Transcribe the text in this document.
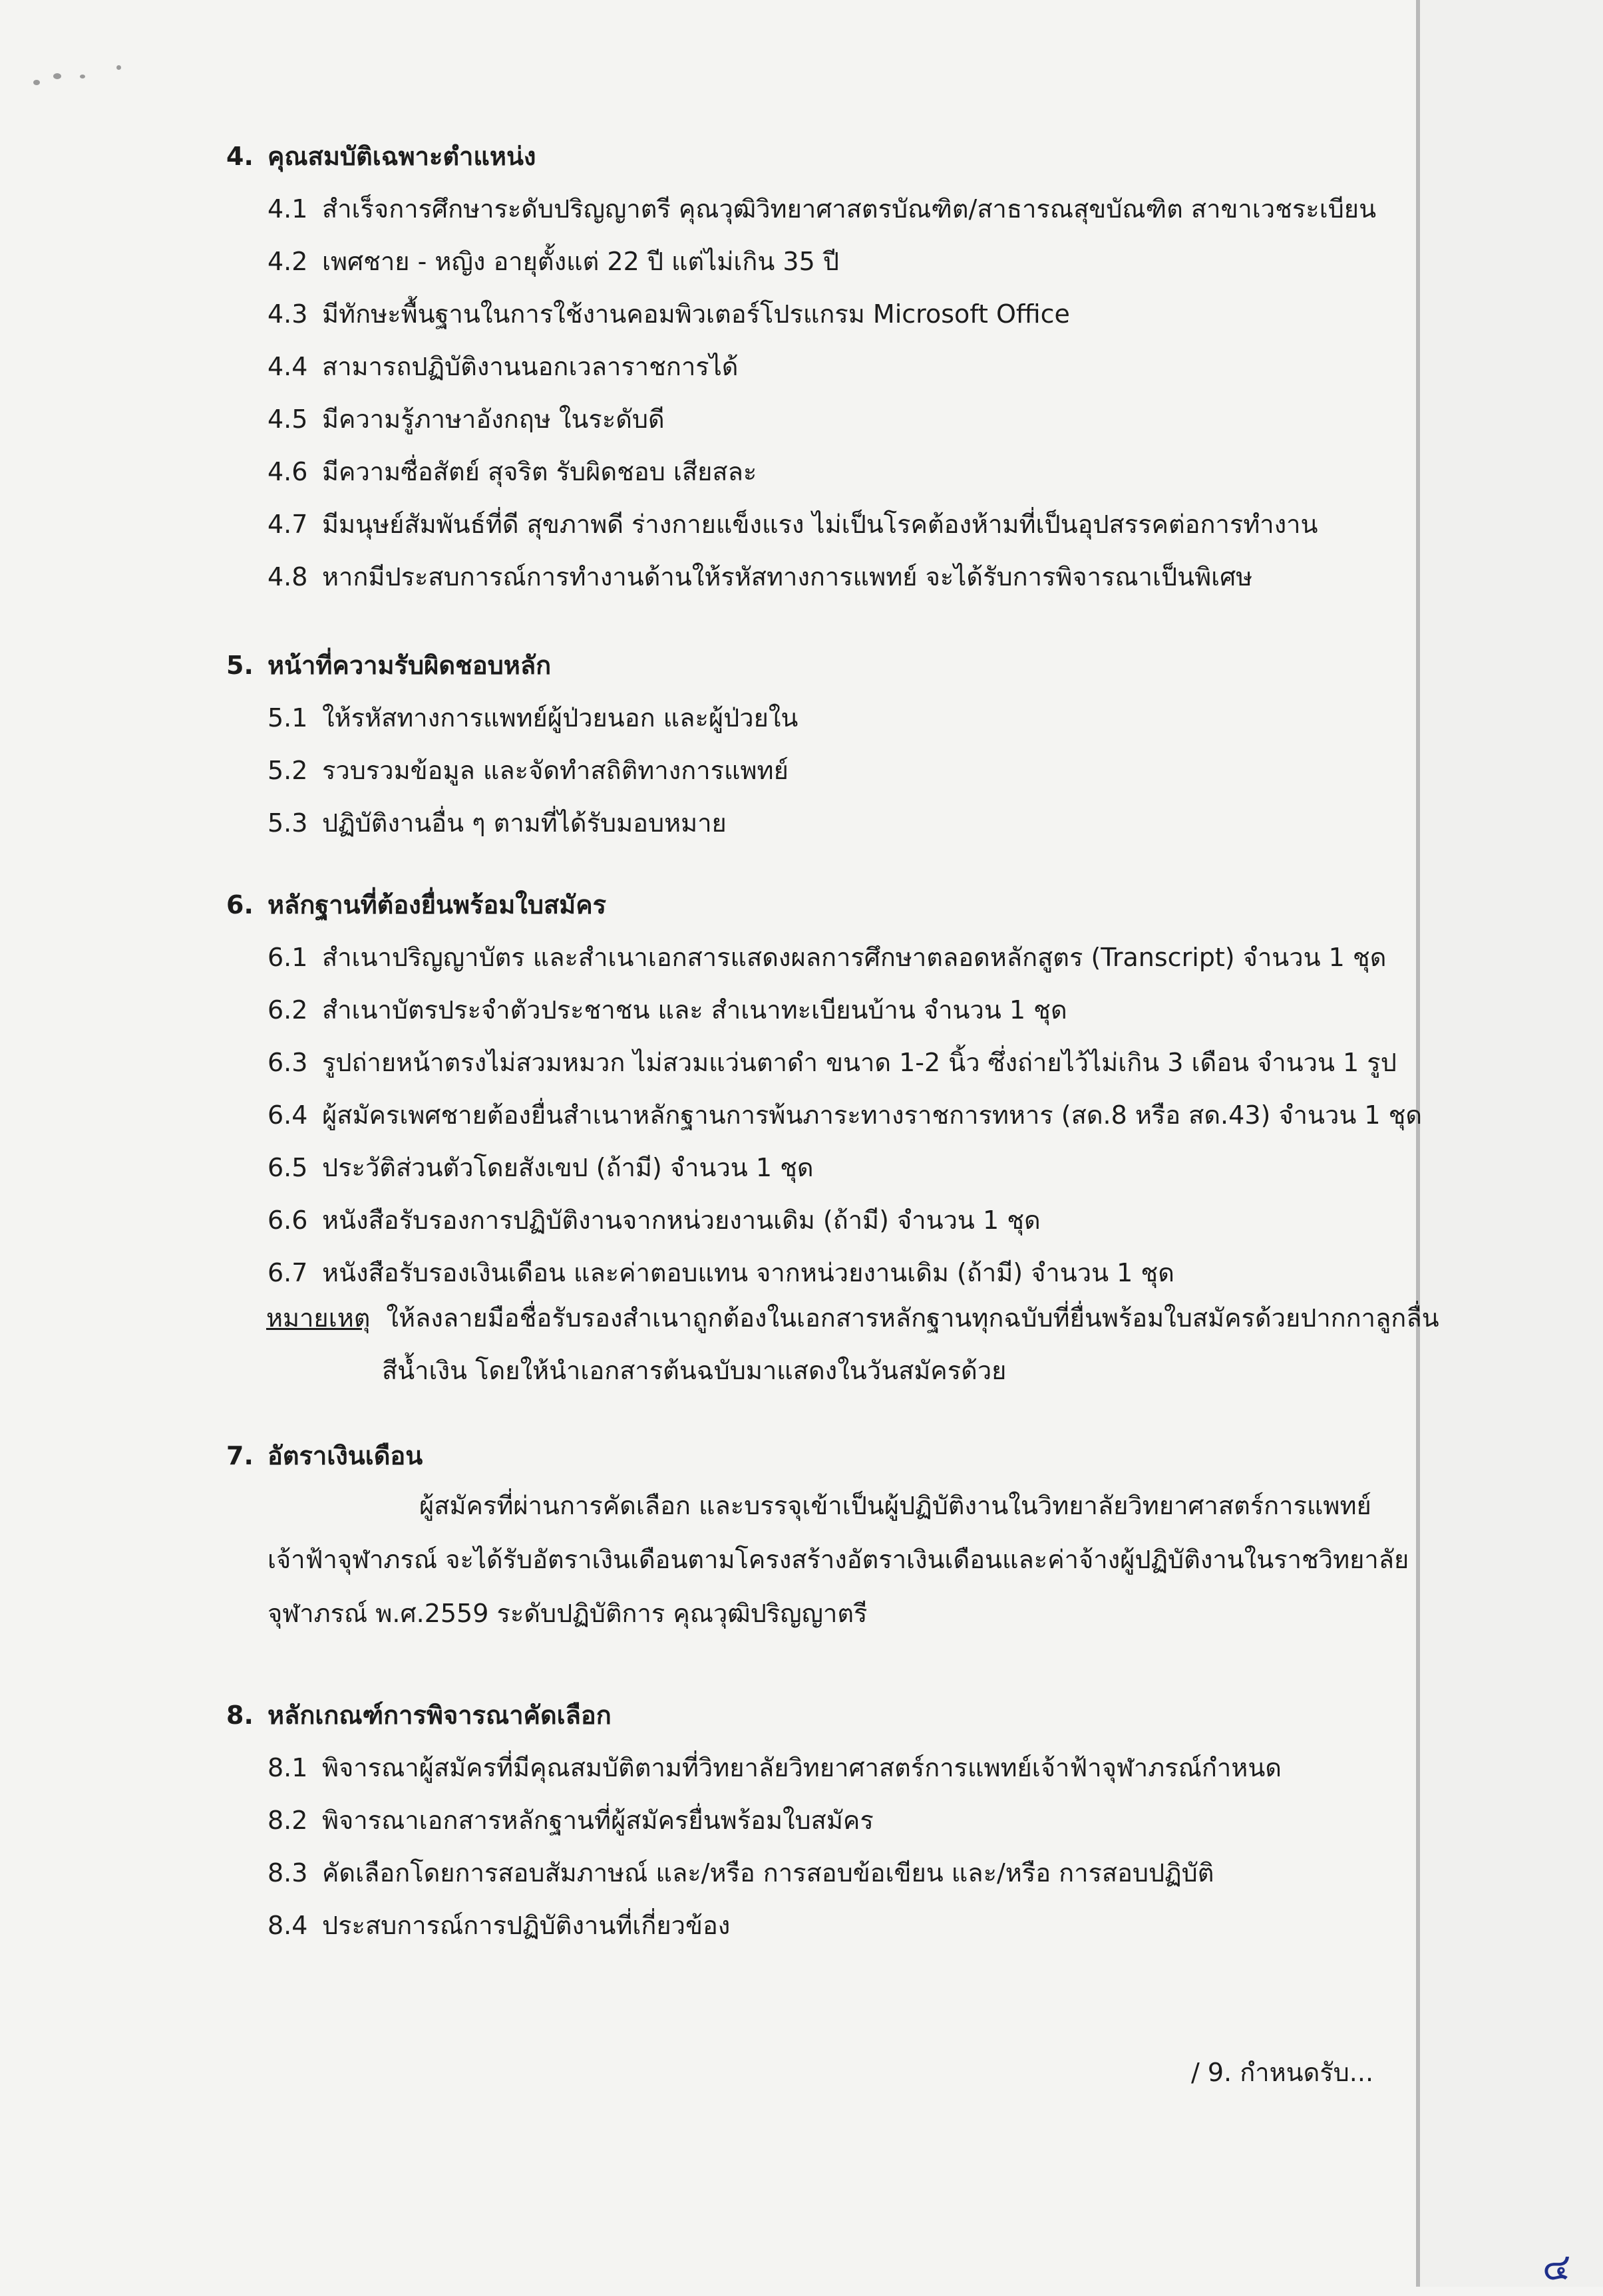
4. คุณสมบัติเฉพาะตำแหน่ง
4.1 สำเร็จการศึกษาระดับปริญญาตรี คุณวุฒิวิทยาศาสตรบัณฑิต/สาธารณสุขบัณฑิต สาขาเวชระเบียน
4.2 เพศชาย - หญิง อายุตั้งแต่ 22 ปี แต่ไม่เกิน 35 ปี
4.3 มีทักษะพื้นฐานในการใช้งานคอมพิวเตอร์โปรแกรม Microsoft Office
4.4 สามารถปฏิบัติงานนอกเวลาราชการได้
4.5 มีความรู้ภาษาอังกฤษ ในระดับดี
4.6 มีความซื่อสัตย์ สุจริต รับผิดชอบ เสียสละ
4.7 มีมนุษย์สัมพันธ์ที่ดี สุขภาพดี ร่างกายแข็งแรง ไม่เป็นโรคต้องห้ามที่เป็นอุปสรรคต่อการทำงาน
4.8 หากมีประสบการณ์การทำงานด้านให้รหัสทางการแพทย์ จะได้รับการพิจารณาเป็นพิเศษ
5. หน้าที่ความรับผิดชอบหลัก
5.1 ให้รหัสทางการแพทย์ผู้ป่วยนอก และผู้ป่วยใน
5.2 รวบรวมข้อมูล และจัดทำสถิติทางการแพทย์
5.3 ปฏิบัติงานอื่น ๆ ตามที่ได้รับมอบหมาย
6. หลักฐานที่ต้องยื่นพร้อมใบสมัคร
6.1 สำเนาปริญญาบัตร และสำเนาเอกสารแสดงผลการศึกษาตลอดหลักสูตร (Transcript) จำนวน 1 ชุด
6.2 สำเนาบัตรประจำตัวประชาชน และ สำเนาทะเบียนบ้าน จำนวน 1 ชุด
6.3 รูปถ่ายหน้าตรงไม่สวมหมวก ไม่สวมแว่นตาดำ ขนาด 1-2 นิ้ว ซึ่งถ่ายไว้ไม่เกิน 3 เดือน จำนวน 1 รูป
6.4 ผู้สมัครเพศชายต้องยื่นสำเนาหลักฐานการพ้นภาระทางราชการทหาร (สด.8 หรือ สด.43) จำนวน 1 ชุด
6.5 ประวัติส่วนตัวโดยสังเขป (ถ้ามี) จำนวน 1 ชุด
6.6 หนังสือรับรองการปฏิบัติงานจากหน่วยงานเดิม (ถ้ามี) จำนวน 1 ชุด
6.7 หนังสือรับรองเงินเดือน และค่าตอบแทน จากหน่วยงานเดิม (ถ้ามี) จำนวน 1 ชุด
หมายเหตุ ให้ลงลายมือชื่อรับรองสำเนาถูกต้องในเอกสารหลักฐานทุกฉบับที่ยื่นพร้อมใบสมัครด้วยปากกาลูกลื่น
สีน้ำเงิน โดยให้นำเอกสารต้นฉบับมาแสดงในวันสมัครด้วย
7. อัตราเงินเดือน
ผู้สมัครที่ผ่านการคัดเลือก และบรรจุเข้าเป็นผู้ปฏิบัติงานในวิทยาลัยวิทยาศาสตร์การแพทย์
เจ้าฟ้าจุฬาภรณ์ จะได้รับอัตราเงินเดือนตามโครงสร้างอัตราเงินเดือนและค่าจ้างผู้ปฏิบัติงานในราชวิทยาลัย
จุฬาภรณ์ พ.ศ.2559 ระดับปฏิบัติการ คุณวุฒิปริญญาตรี
8. หลักเกณฑ์การพิจารณาคัดเลือก
8.1 พิจารณาผู้สมัครที่มีคุณสมบัติตามที่วิทยาลัยวิทยาศาสตร์การแพทย์เจ้าฟ้าจุฬาภรณ์กำหนด
8.2 พิจารณาเอกสารหลักฐานที่ผู้สมัครยื่นพร้อมใบสมัคร
8.3 คัดเลือกโดยการสอบสัมภาษณ์ และ/หรือ การสอบข้อเขียน และ/หรือ การสอบปฏิบัติ
8.4 ประสบการณ์การปฏิบัติงานที่เกี่ยวข้อง
/ 9. กำหนดรับ...
๔
